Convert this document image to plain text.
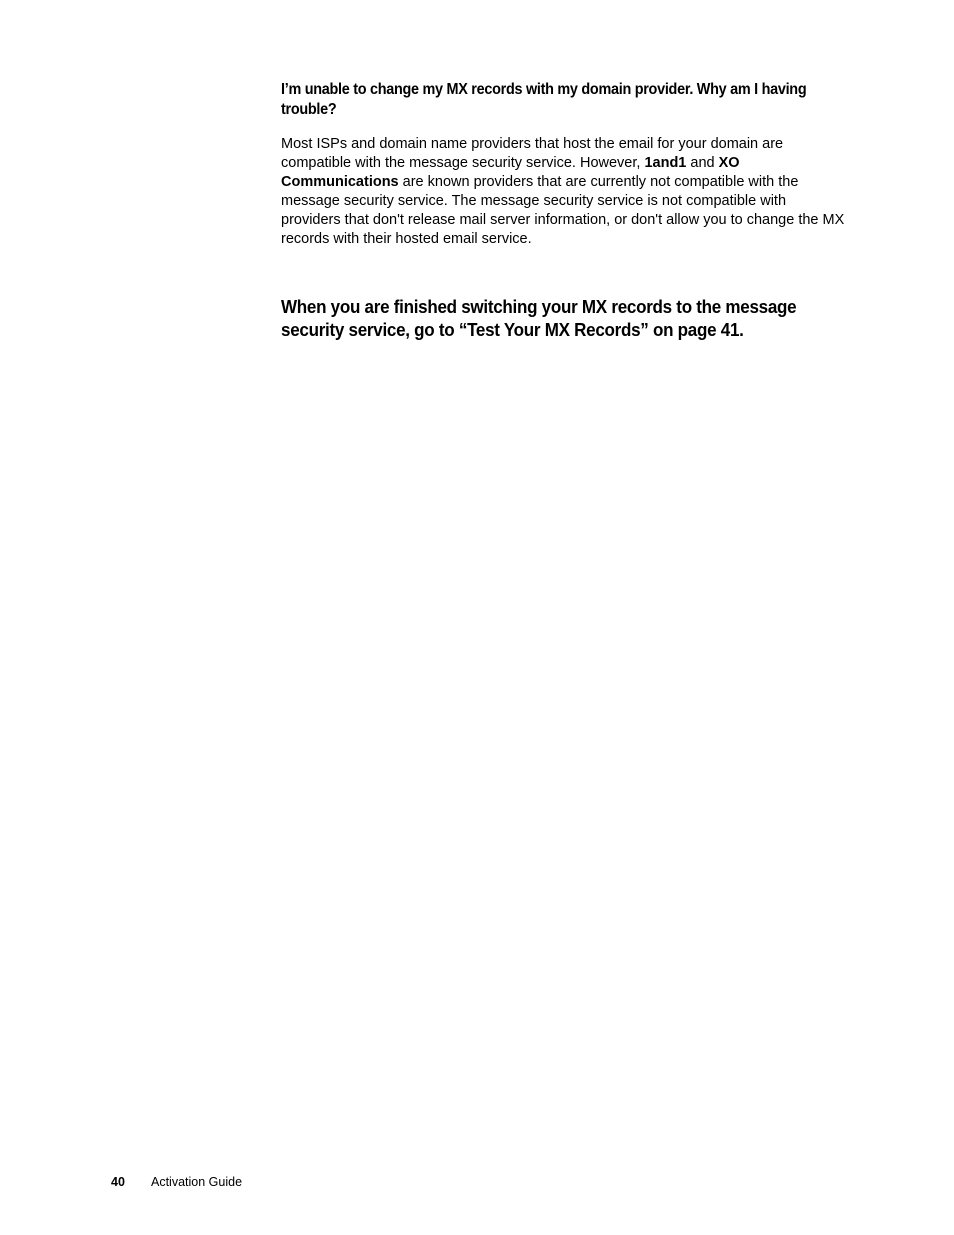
I’m unable to change my MX records with my domain provider. Why am I having trouble?

Most ISPs and domain name providers that host the email for your domain are compatible with the message security service. However, 1and1 and XO Communications are known providers that are currently not compatible with the message security service. The message security service is not compatible with providers that don't release mail server information, or don't allow you to change the MX records with their hosted email service.

When you are finished switching your MX records to the message security service, go to “Test Your MX Records” on page 41.

40	Activation Guide
